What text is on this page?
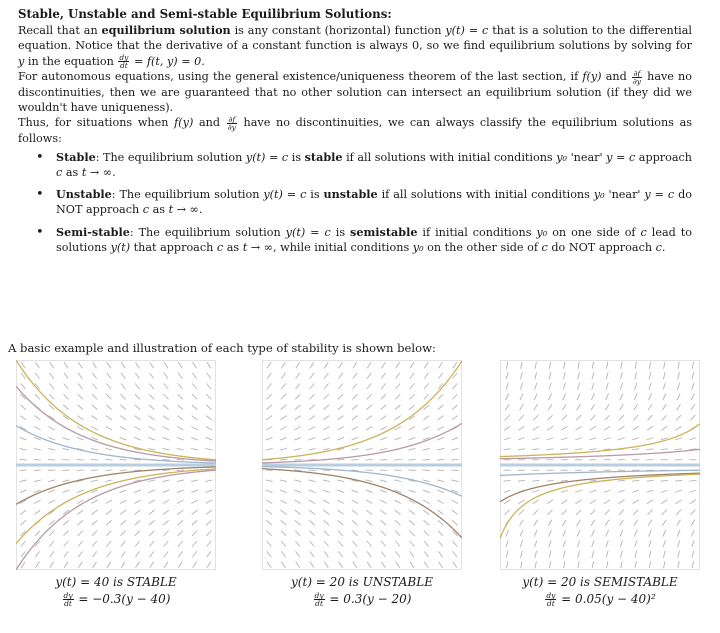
Stable, Unstable and Semi-stable Equilibrium Solutions:

Recall that an equilibrium solution is any constant (horizontal) function y(t) = c that is a solution to the differential equation. Notice that the derivative of a constant function is always 0, so we find equilibrium solutions by solving for y in the equation $\frac{dy}{dt} = f(t$, y) = 0.

For autonomous equations, using the general existence/uniqueness theorem of the last section, if f(y) and $\frac{\partial f}{\partial y}$ have no discontinuities, then we are guaranteed that no other solution can intersect an equilibrium solution (if they did we wouldn't have uniqueness).

Thus, for situations when f(y) and $\frac{\partial f}{\partial y}$ have no discontinuities, we can always classify the equilibrium solutions as follows:

• Stable: The equilibrium solution y(t) = c is stable if all solutions with initial conditions y₀ 'near' y = c approach c as t → ∞.
• Unstable: The equilibrium solution y(t) = c is unstable if all solutions with initial conditions y₀ 'near' y = c do NOT approach c as t → ∞.
• Semi-stable: The equilibrium solution y(t) = c is semistable if initial conditions y₀ on one side of c lead to solutions y(t) that approach c as t → ∞, while initial conditions y₀ on the other side of c do NOT approach c.
A basic example and illustration of each type of stability is shown below:
y(t) = 40 is STABLE
$\frac{dy}{dt} = -0.3(y - 40)$
y(t) = 20 is UNSTABLE
$\frac{dy}{dt} = 0.3(y - 20)$
y(t) = 20 is SEMISTABLE
$\frac{dy}{dt} = 0.05(y - 40)^2$
